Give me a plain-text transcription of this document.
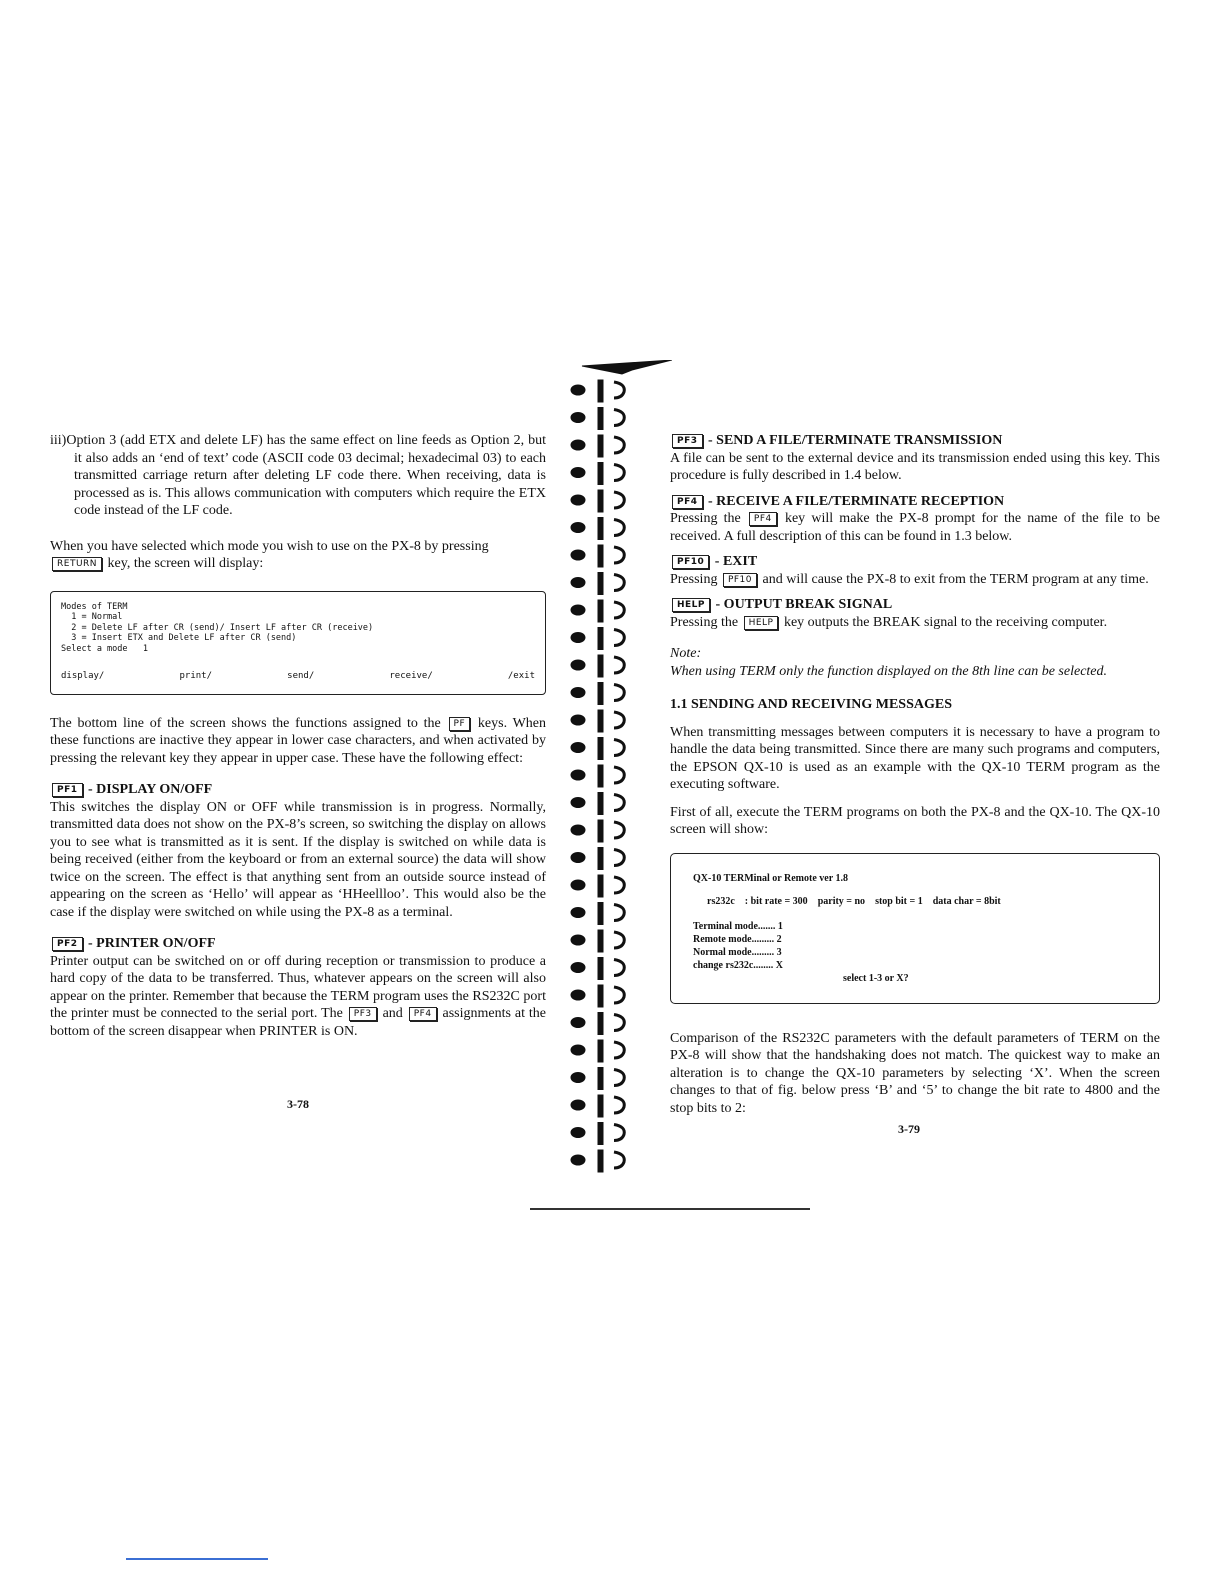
iii)Option 3 (add ETX and delete LF) has the same effect on line feeds as Option 2, but it also adds an ‘end of text’ code (ASCII code 03 decimal; hexadecimal 03) to each transmitted carriage return after deleting LF code there. When receiving, data is processed as is. This allows communication with computers which require the ETX code instead of the LF code.

When you have selected which mode you wish to use on the PX-8 by pressing
RETURN key, the screen will display:

Modes of TERM
1 = Normal
2 = Delete LF after CR (send)/ Insert LF after CR (receive)
3 = Insert ETX and Delete LF after CR (send)
Select a mode   1
display/	print/	send/	receive/	/exit

The bottom line of the screen shows the functions assigned to the PF keys. When these functions are inactive they appear in lower case characters, and when activated by pressing the relevant key they appear in upper case. These have the following effect:

PF1 - DISPLAY ON/OFF

This switches the display ON or OFF while transmission is in progress. Normally, transmitted data does not show on the PX-8’s screen, so switching the display on allows you to see what is transmitted as it is sent. If the display is switched on while data is being received (either from the keyboard or from an external source) the data will show twice on the screen. The effect is that anything sent from an outside source instead of appearing on the screen as ‘Hello’ will appear as ‘HHeellloo’. This would also be the case if the display were switched on while using the PX-8 as a terminal.

PF2 - PRINTER ON/OFF

Printer output can be switched on or off during reception or transmission to produce a hard copy of the data to be transferred. Thus, whatever appears on the screen will also appear on the printer. Remember that because the TERM program uses the RS232C port the printer must be connected to the serial port. The PF3 and PF4 assignments at the bottom of the screen disappear when PRINTER is ON.

3-78
PF3 - SEND A FILE/TERMINATE TRANSMISSION

A file can be sent to the external device and its transmission ended using this key. This procedure is fully described in 1.4 below.

PF4 - RECEIVE A FILE/TERMINATE RECEPTION

Pressing the PF4 key will make the PX-8 prompt for the name of the file to be received. A full description of this can be found in 1.3 below.

PF10 - EXIT

Pressing PF10 and will cause the PX-8 to exit from the TERM program at any time.

HELP - OUTPUT BREAK SIGNAL

Pressing the HELP key outputs the BREAK signal to the receiving computer.

Note:
When using TERM only the function displayed on the 8th line can be selected.
1.1 SENDING AND RECEIVING MESSAGES

When transmitting messages between computers it is necessary to have a program to handle the data being transmitted. Since there are many such programs and computers, the EPSON QX-10 is used as an example with the QX-10 TERM program as the executing software.

First of all, execute the TERM programs on both the PX-8 and the QX-10. The QX-10 screen will show:

QX-10 TERMinal or Remote ver 1.8
rs232c : bit rate = 300 parity = no stop bit = 1 data char = 8bit
Terminal mode....... 1
Remote mode......... 2
Normal mode......... 3
change rs232c........ X
select 1-3 or X?

Comparison of the RS232C parameters with the default parameters of TERM on the PX-8 will show that the handshaking does not match. The quickest way to make an alteration is to change the QX-10 parameters by selecting ‘X’. When the screen changes to that of fig. below press ‘B’ and ‘5’ to change the bit rate to 4800 and the stop bits to 2:

3-79
